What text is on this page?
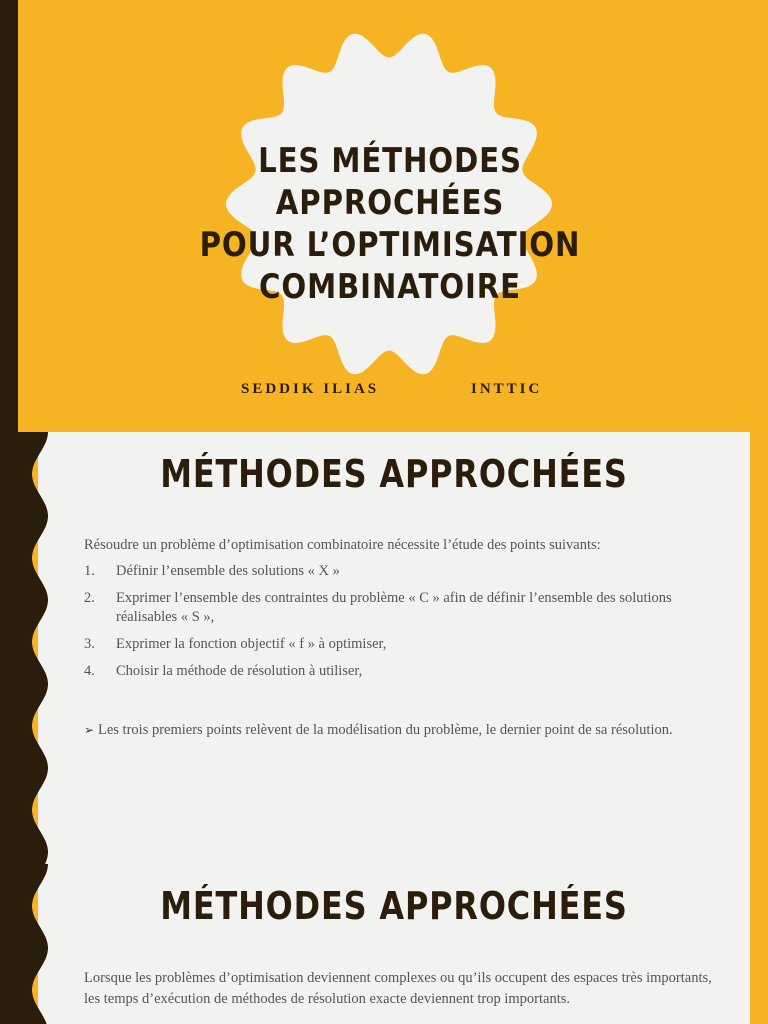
LES MÉTHODES APPROCHÉES
POUR L’OPTIMISATION
COMBINATOIRE
SEDDIK ILIAS	INTTIC
MÉTHODES APPROCHÉES
Résoudre un problème d’optimisation combinatoire nécessite l’étude des points suivants:
1. Définir l’ensemble des solutions « X »
2. Exprimer l’ensemble des contraintes du problème « C » afin de définir l’ensemble des solutions réalisables « S »,
3. Exprimer la fonction objectif « f » à optimiser,
4. Choisir la méthode de résolution à utiliser,
➢ Les trois premiers points relèvent de la modélisation du problème, le dernier point de sa résolution.
MÉTHODES APPROCHÉES
Lorsque les problèmes d’optimisation deviennent complexes ou qu’ils occupent des espaces très importants, les temps d’exécution de méthodes de résolution exacte deviennent trop importants.
